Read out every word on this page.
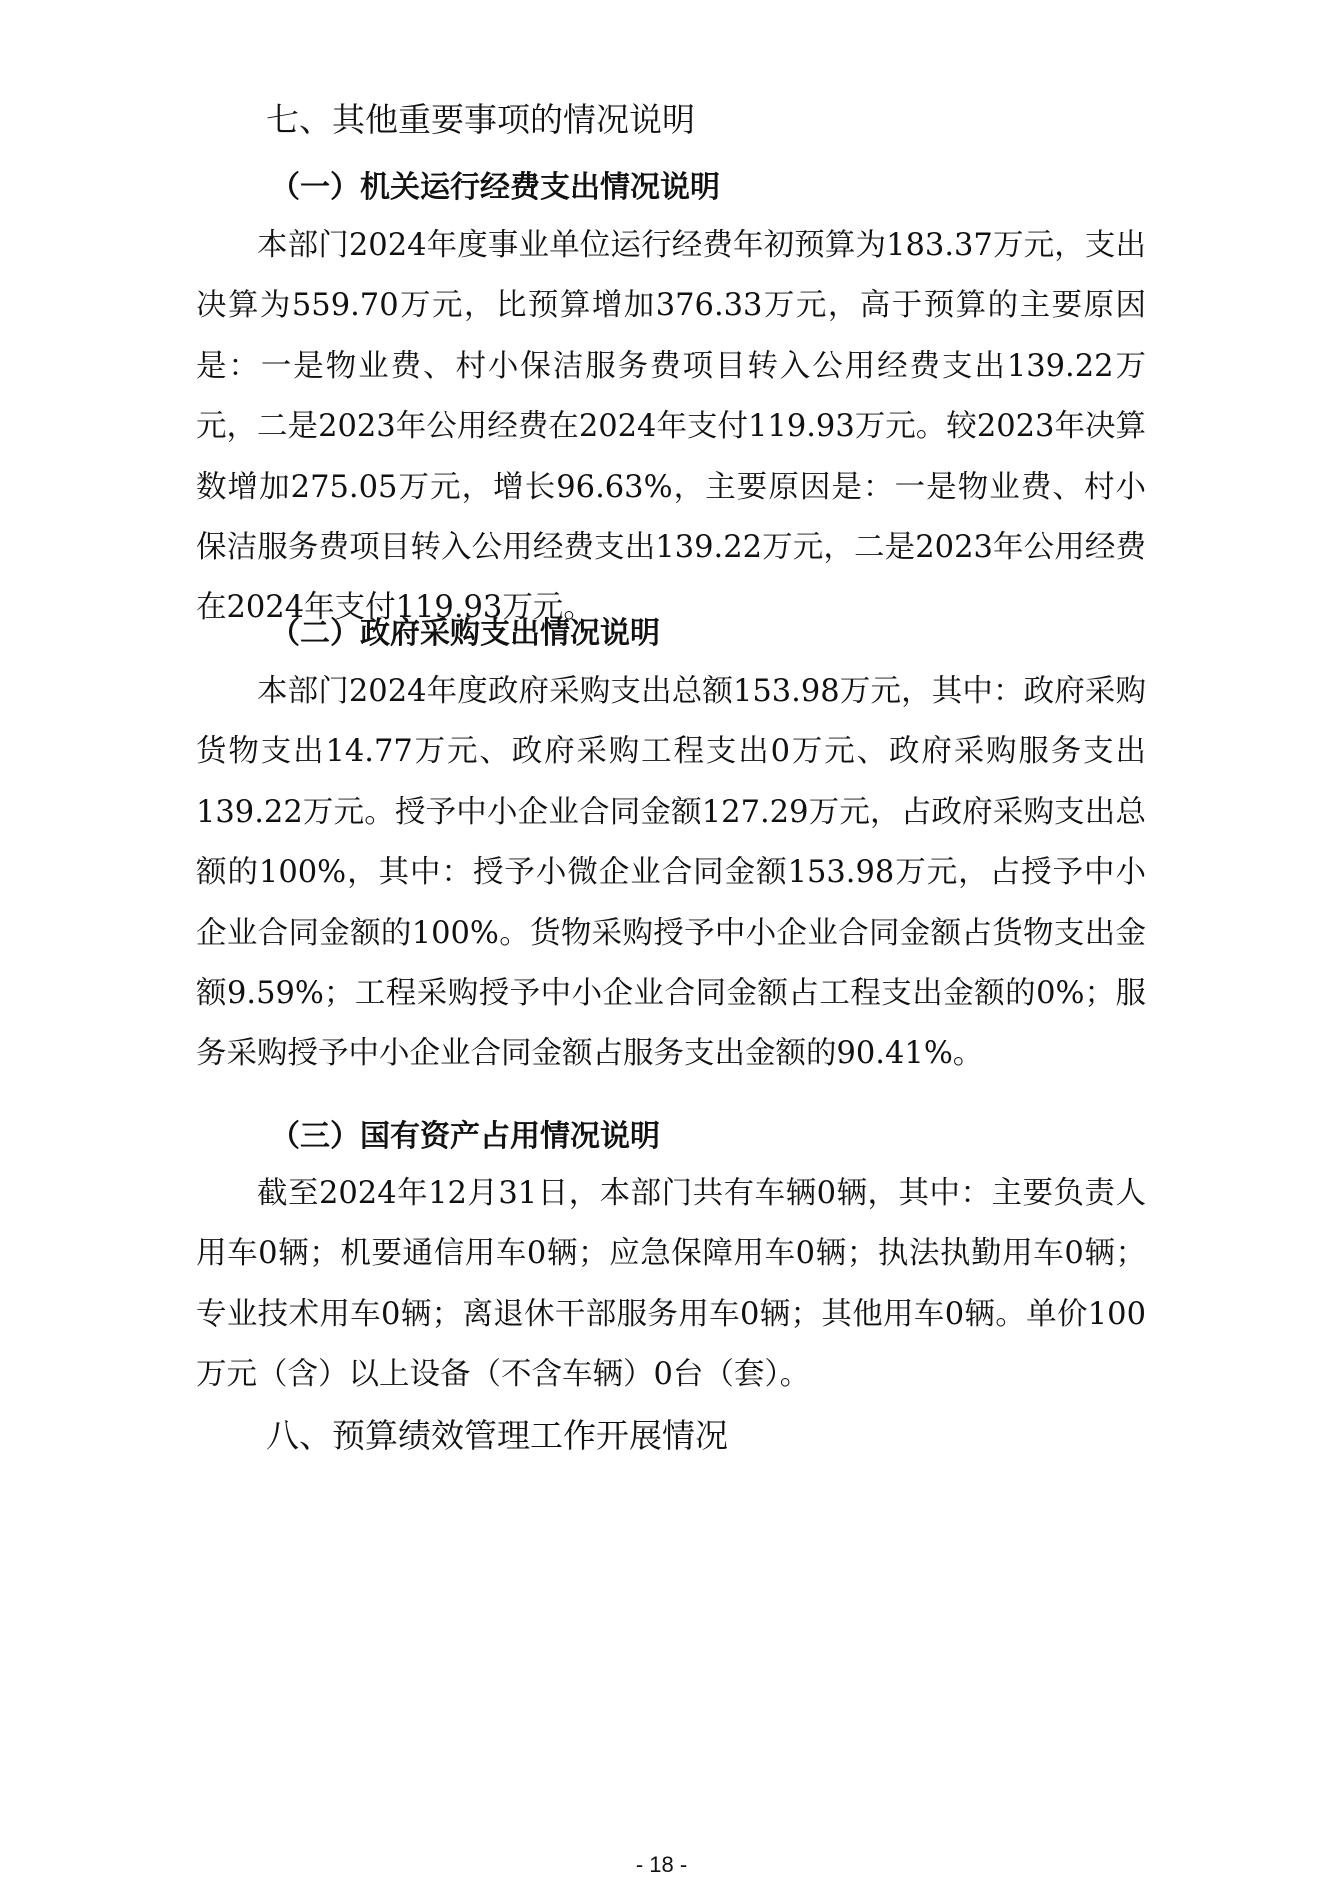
七、其他重要事项的情况说明
（一）机关运行经费支出情况说明

本部门2024年度事业单位运行经费年初预算为183.37万元，支出决算为559.70万元，比预算增加376.33万元，高于预算的主要原因是：一是物业费、村小保洁服务费项目转入公用经费支出139.22万元，二是2023年公用经费在2024年支付119.93万元。较2023年决算数增加275.05万元，增长96.63%，主要原因是：一是物业费、村小保洁服务费项目转入公用经费支出139.22万元，二是2023年公用经费在2024年支付119.93万元。

（二）政府采购支出情况说明

本部门2024年度政府采购支出总额153.98万元，其中：政府采购货物支出14.77万元、政府采购工程支出0万元、政府采购服务支出139.22万元。授予中小企业合同金额127.29万元，占政府采购支出总额的100%，其中：授予小微企业合同金额153.98万元，占授予中小企业合同金额的100%。货物采购授予中小企业合同金额占货物支出金额9.59%；工程采购授予中小企业合同金额占工程支出金额的0%；服务采购授予中小企业合同金额占服务支出金额的90.41%。

（三）国有资产占用情况说明

截至2024年12月31日，本部门共有车辆0辆，其中：主要负责人用车0辆；机要通信用车0辆；应急保障用车0辆；执法执勤用车0辆；专业技术用车0辆；离退休干部服务用车0辆；其他用车0辆。单价100万元（含）以上设备（不含车辆）0台（套）。

八、预算绩效管理工作开展情况

- 18 -
